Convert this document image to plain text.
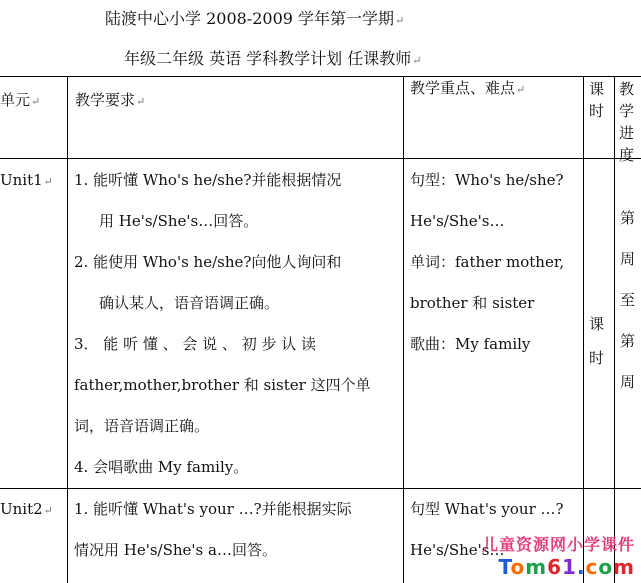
陆渡中心小学 2008-2009 学年第一学期↵
年级二年级 英语 学科教学计划 任课教师↵
单元↵ 教学要求↵
教学重点、难点↵	课时
教学进度
Unit1↵ 1. 能听懂 Who's he/she?并能根据情况
用 He's/She's…回答。
2. 能使用 Who's he/she?向他人询问和
确认某人，语音语调正确。
3． 能 听 懂 、 会 说 、 初 步 认 读
father,mother,brother 和 sister 这四个单
词，语音语调正确。
4. 会唱歌曲 My family。
句型：Who's he/she?
He's/She's…
单词：father mother,
brother 和 sister
歌曲：My family
课
时
第
周
至
第
周
Unit2↵ 1. 能听懂 What's your …?并能根据实际
情况用 He's/She's a…回答。
句型 What's your …?
He's/She's…
儿童资源网小学课件
Tom61.com
